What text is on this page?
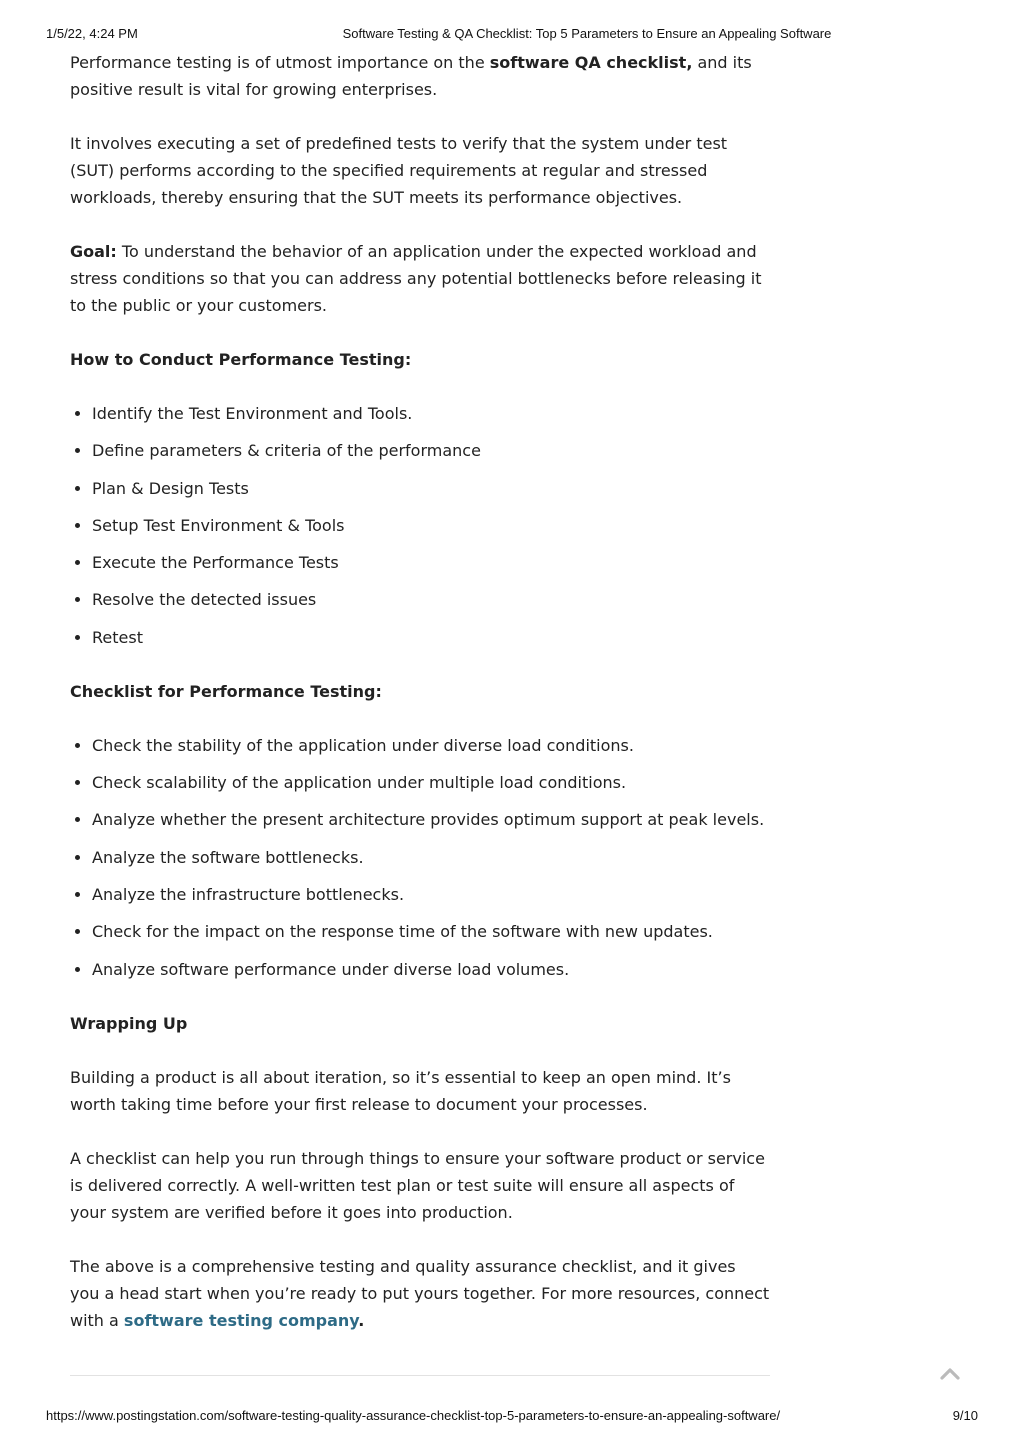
1/5/22, 4:24 PM	Software Testing & QA Checklist: Top 5 Parameters to Ensure an Appealing Software

Performance testing is of utmost importance on the software QA checklist, and its positive result is vital for growing enterprises.

It involves executing a set of predefined tests to verify that the system under test (SUT) performs according to the specified requirements at regular and stressed workloads, thereby ensuring that the SUT meets its performance objectives.

Goal: To understand the behavior of an application under the expected workload and stress conditions so that you can address any potential bottlenecks before releasing it to the public or your customers.

How to Conduct Performance Testing:
• Identify the Test Environment and Tools.
• Define parameters & criteria of the performance
• Plan & Design Tests
• Setup Test Environment & Tools
• Execute the Performance Tests
• Resolve the detected issues
• Retest
Checklist for Performance Testing:
• Check the stability of the application under diverse load conditions.
• Check scalability of the application under multiple load conditions.
• Analyze whether the present architecture provides optimum support at peak levels.
• Analyze the software bottlenecks.
• Analyze the infrastructure bottlenecks.
• Check for the impact on the response time of the software with new updates.
• Analyze software performance under diverse load volumes.
Wrapping Up

Building a product is all about iteration, so it’s essential to keep an open mind. It’s worth taking time before your first release to document your processes.

A checklist can help you run through things to ensure your software product or service is delivered correctly. A well-written test plan or test suite will ensure all aspects of your system are verified before it goes into production.

The above is a comprehensive testing and quality assurance checklist, and it gives you a head start when you’re ready to put yours together. For more resources, connect with a software testing company.

https://www.postingstation.com/software-testing-quality-assurance-checklist-top-5-parameters-to-ensure-an-appealing-software/	9/10
